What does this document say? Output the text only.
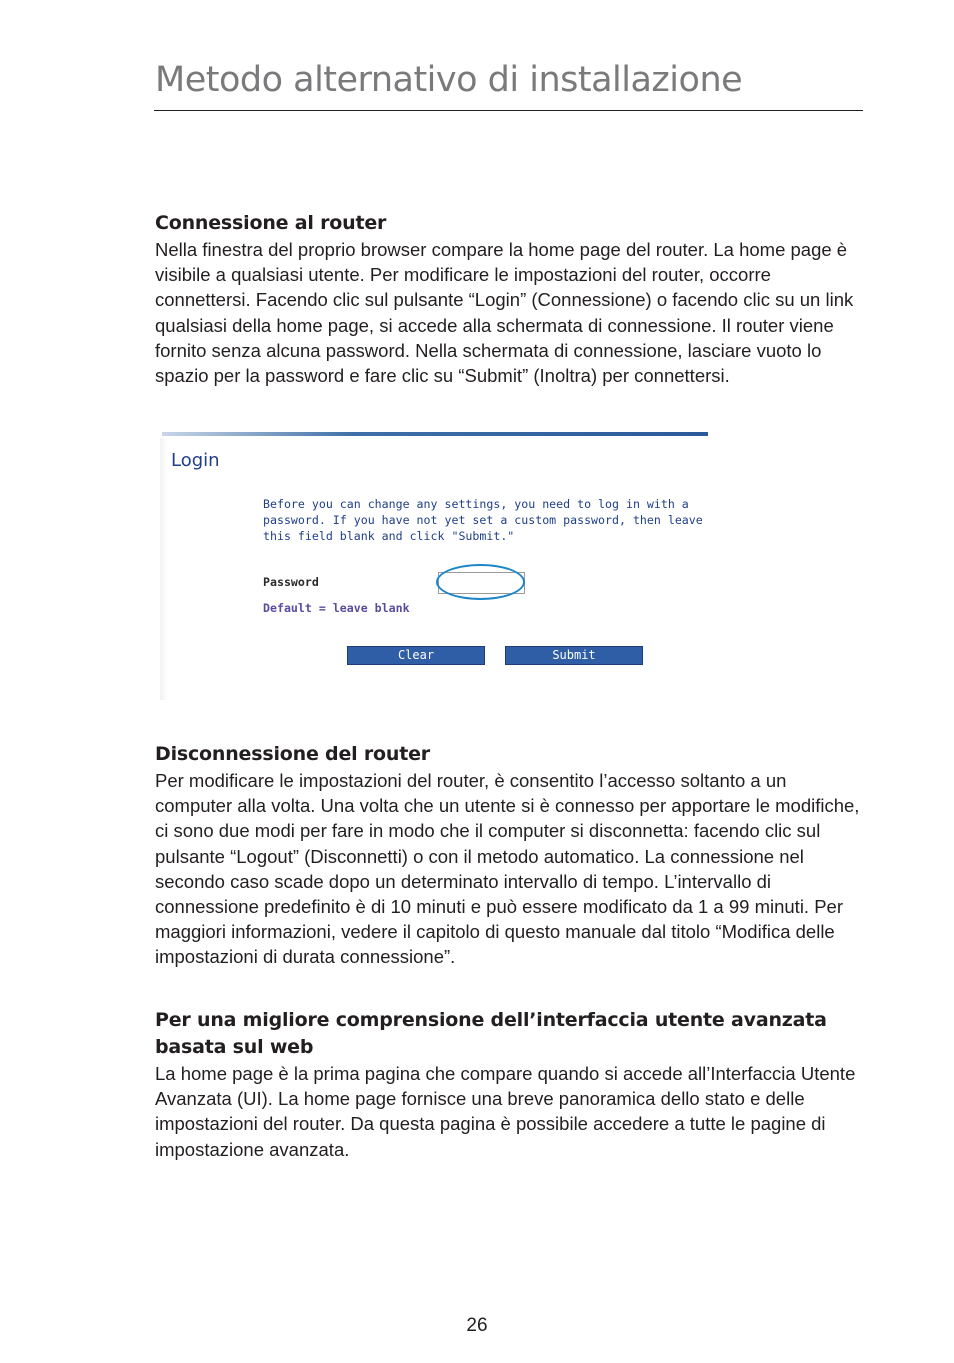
Metodo alternativo di installazione
Connessione al router

Nella finestra del proprio browser compare la home page del router. La home page è visibile a qualsiasi utente. Per modificare le impostazioni del router, occorre connettersi. Facendo clic sul pulsante “Login” (Connessione) o facendo clic su un link qualsiasi della home page, si accede alla schermata di connessione. Il router viene fornito senza alcuna password. Nella schermata di connessione, lasciare vuoto lo spazio per la password e fare clic su “Submit” (Inoltra) per connettersi.

Login
Before you can change any settings, you need to log in with a
password. If you have not yet set a custom password, then leave
this field blank and click "Submit."
Password
Default = leave blank
Clear	Submit
Disconnessione del router

Per modificare le impostazioni del router, è consentito l’accesso soltanto a un computer alla volta. Una volta che un utente si è connesso per apportare le modifiche, ci sono due modi per fare in modo che il computer si disconnetta: facendo clic sul pulsante “Logout” (Disconnetti) o con il metodo automatico. La connessione nel secondo caso scade dopo un determinato intervallo di tempo. L’intervallo di connessione predefinito è di 10 minuti e può essere modificato da 1 a 99 minuti. Per maggiori informazioni, vedere il capitolo di questo manuale dal titolo “Modifica delle impostazioni di durata connessione”.

Per una migliore comprensione dell’interfaccia utente avanzata basata sul web

La home page è la prima pagina che compare quando si accede all’Interfaccia Utente Avanzata (UI). La home page fornisce una breve panoramica dello stato e delle impostazioni del router. Da questa pagina è possibile accedere a tutte le pagine di impostazione avanzata.

26
